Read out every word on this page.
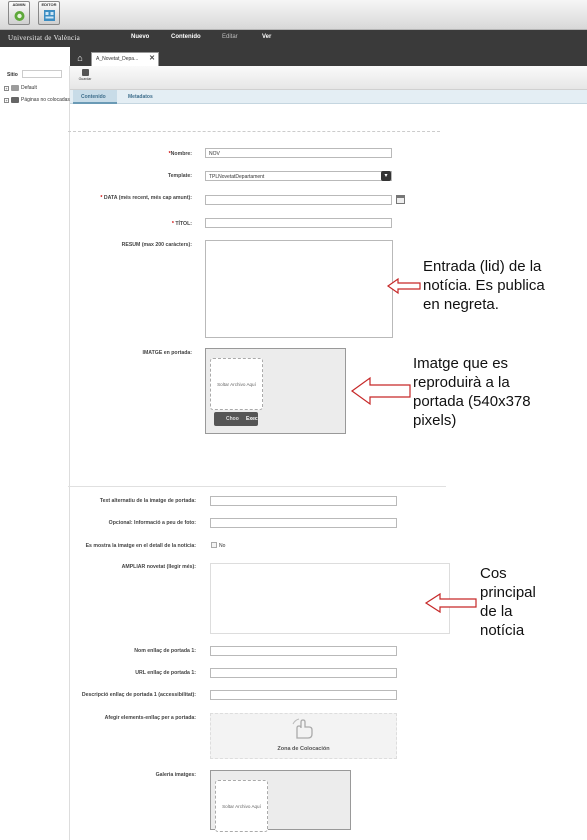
ADMIN	EDITOR
Universitat de València	Nuevo	Contenido	Editar	Ver
⌂	A_Novetat_Depa... ✕
Sitio
+	Default
+	Páginas no colocadas
Guardar
Contenido	Metadatos
*Nombre:	NOV
Template:	TPLNovetatDepartament	▾
* DATA (més recent, més cap amunt):
* TÍTOL:
RESUM (max 200 caràcters):
IMATGE en portada:
Soltar Archivo Aquí
Choo Exec
Text alternatiu de la imatge de portada:
Opcional: Informació a peu de foto:
Es mostra la imatge en el detall de la notícia:	No
AMPLIAR novetat (llegir més):
Nom enllaç de portada 1:
URL enllaç de portada 1:
Descripció enllaç de portada 1 (accessibilitat):
Afegir elements-enllaç per a portada:
Zona de Colocación
Galeria imatges:
Soltar Archivo Aquí
Entrada (lid) de la
notícia. Es publica
en negreta.
Imatge que es
reproduirà a la
portada (540x378
pixels)
Cos
principal
de la
notícia
